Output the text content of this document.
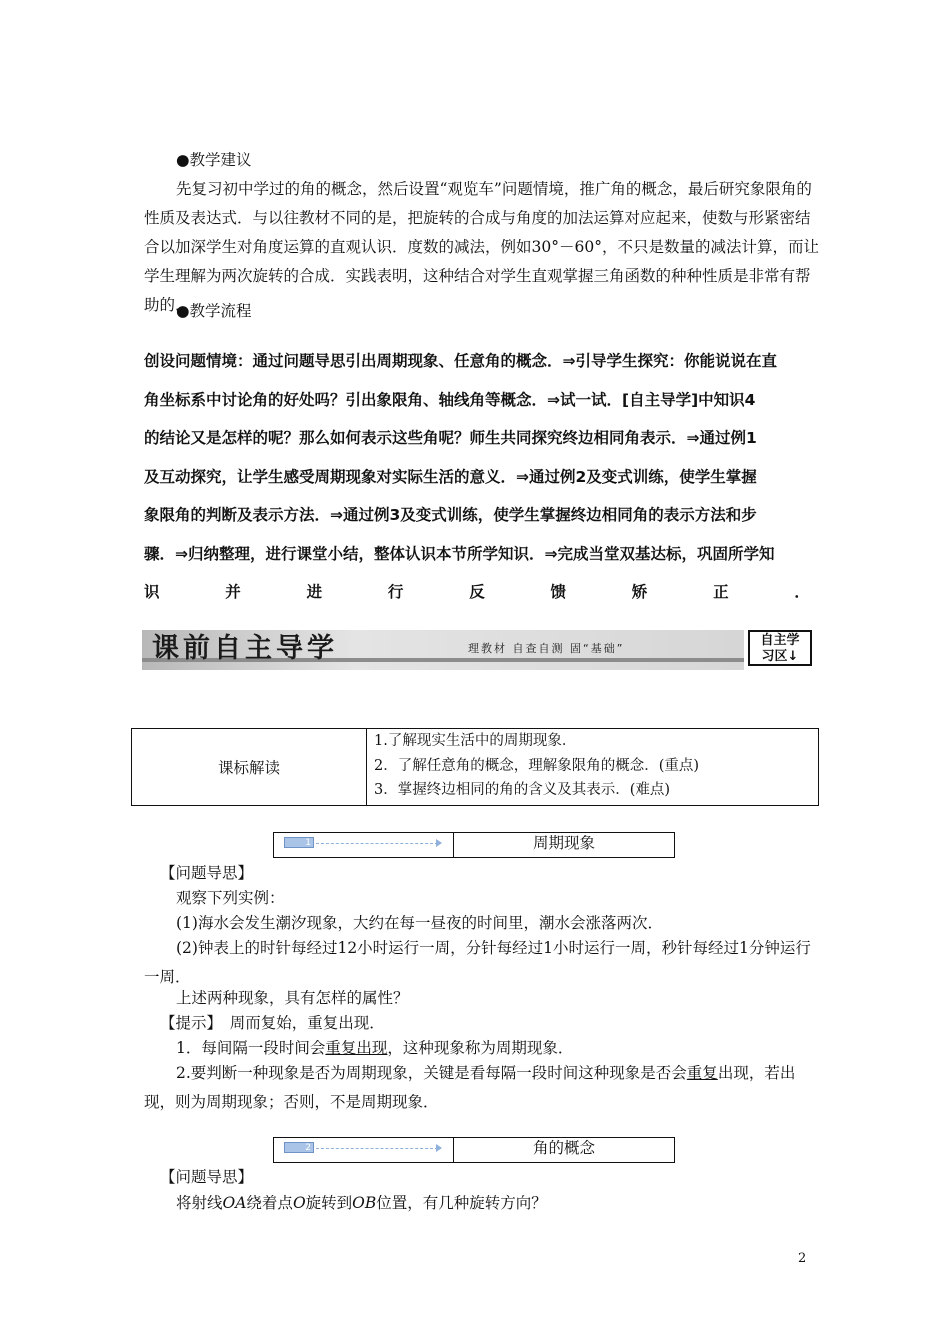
●教学建议

先复习初中学过的角的概念，然后设置“观览车”问题情境，推广角的概念，最后研究象限角的性质及表达式．与以往教材不同的是，把旋转的合成与角度的加法运算对应起来，使数与形紧密结合以加深学生对角度运算的直观认识．度数的减法，例如30°－60°，不只是数量的减法计算，而让学生理解为两次旋转的合成．实践表明，这种结合对学生直观掌握三角函数的种种性质是非常有帮助的．

●教学流程

创设问题情境：通过问题导思引出周期现象、任意角的概念．⇒引导学生探究：你能说说在直
角坐标系中讨论角的好处吗？引出象限角、轴线角等概念．⇒试一试．[自主导学]中知识4
的结论又是怎样的呢？那么如何表示这些角呢？师生共同探究终边相同角表示．⇒通过例1
及互动探究，让学生感受周期现象对实际生活的意义．⇒通过例2及变式训练，使学生掌握
象限角的判断及表示方法．⇒通过例3及变式训练，使学生掌握终边相同角的表示方法和步
骤．⇒归纳整理，进行课堂小结，整体认识本节所学知识．⇒完成当堂双基达标，巩固所学知
识	并	进	行	反	馈	矫	正	．
课前自主导学	理教材 自查自测 固“基础”
自主学
习区↓
课标解读
1.了解现实生活中的周期现象．
2．了解任意角的概念，理解象限角的概念．(重点)
3．掌握终边相同的角的含义及其表示．(难点)
1	周期现象

【问题导思】

观察下列实例：

(1)海水会发生潮汐现象，大约在每一昼夜的时间里，潮水会涨落两次．

(2)钟表上的时针每经过12小时运行一周，分针每经过1小时运行一周，秒针每经过1分钟运行一周．

上述两种现象，具有怎样的属性？

【提示】　周而复始，重复出现．

1．每间隔一段时间会重复出现，这种现象称为周期现象．

2.要判断一种现象是否为周期现象，关键是看每隔一段时间这种现象是否会重复出现，若出现，则为周期现象；否则，不是周期现象．

2	角的概念

【问题导思】

将射线OA绕着点O旋转到OB位置，有几种旋转方向？

2
